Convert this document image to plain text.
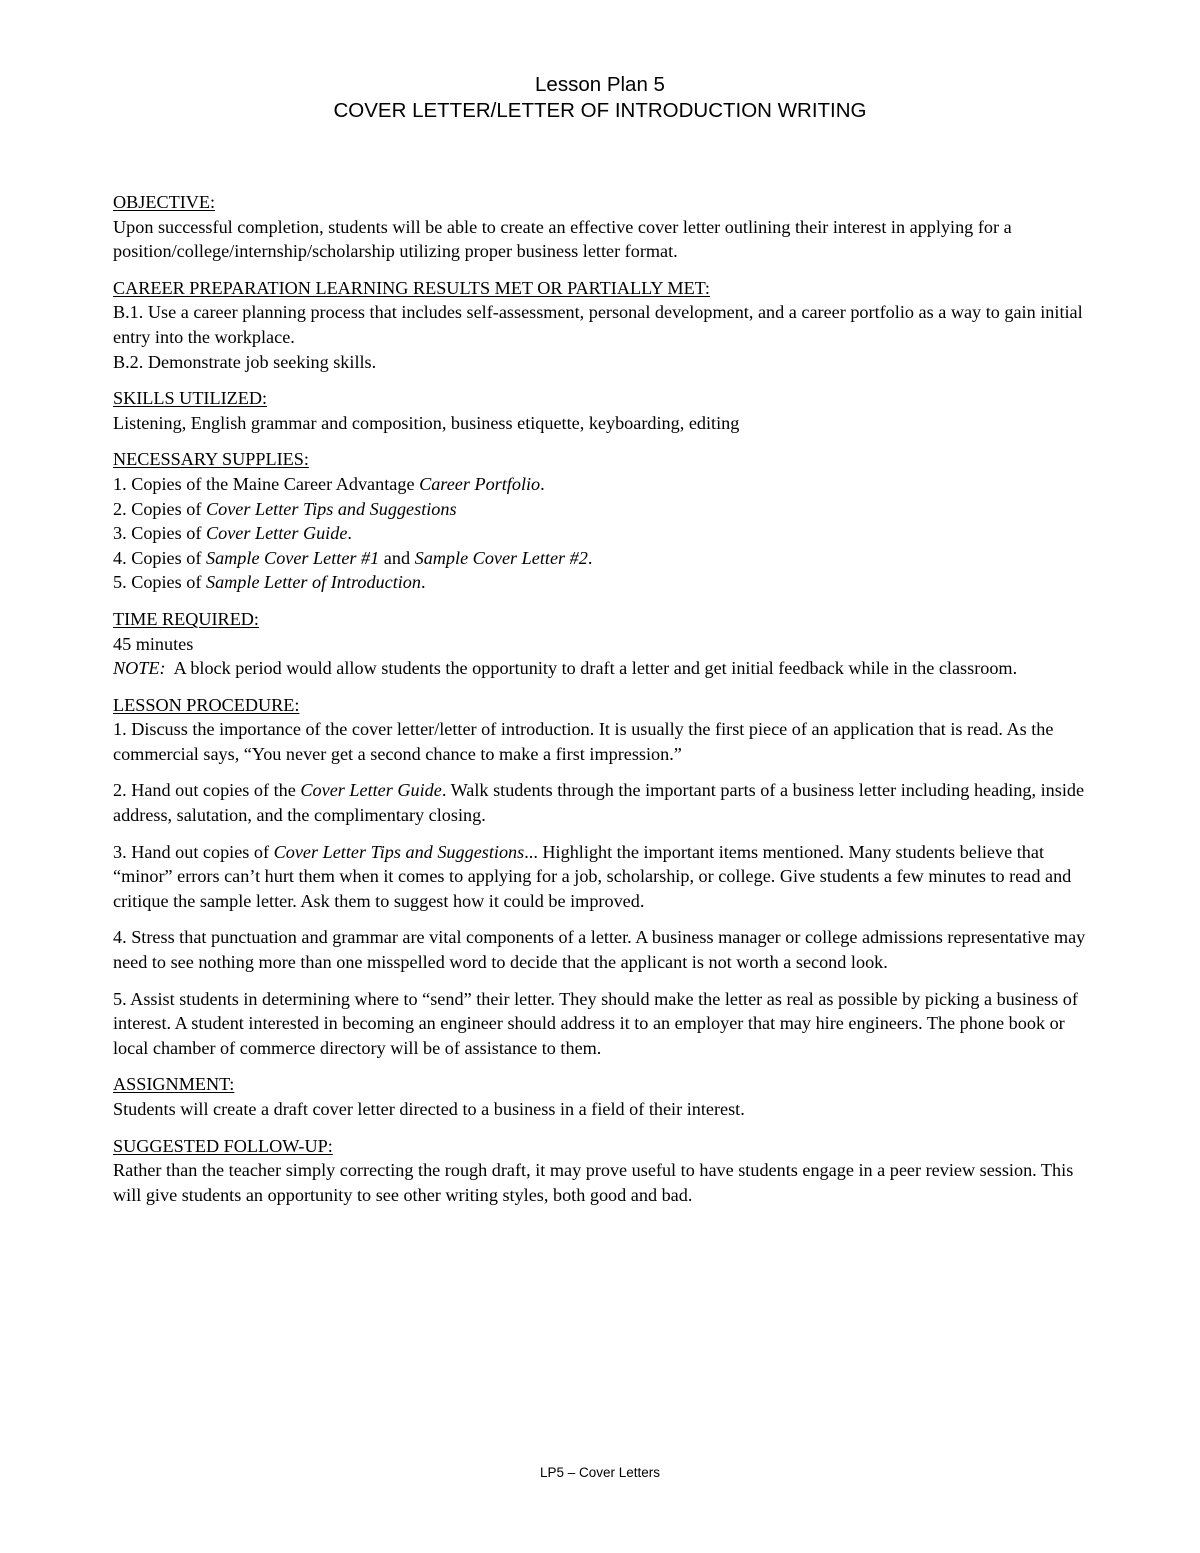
Lesson Plan 5
COVER LETTER/LETTER OF INTRODUCTION WRITING
OBJECTIVE:

Upon successful completion, students will be able to create an effective cover letter outlining their interest in applying for a position/college/internship/scholarship utilizing proper business letter format.

CAREER PREPARATION LEARNING RESULTS MET OR PARTIALLY MET:

B.1. Use a career planning process that includes self-assessment, personal development, and a career portfolio as a way to gain initial entry into the workplace.

B.2. Demonstrate job seeking skills.

SKILLS UTILIZED:

Listening, English grammar and composition, business etiquette, keyboarding, editing

NECESSARY SUPPLIES:
1. Copies of the Maine Career Advantage Career Portfolio.
2. Copies of Cover Letter Tips and Suggestions
3. Copies of Cover Letter Guide.
4. Copies of Sample Cover Letter #1 and Sample Cover Letter #2.
5. Copies of Sample Letter of Introduction.
TIME REQUIRED:

45 minutes

NOTE:  A block period would allow students the opportunity to draft a letter and get initial feedback while in the classroom.

LESSON PROCEDURE:

1. Discuss the importance of the cover letter/letter of introduction. It is usually the first piece of an application that is read. As the commercial says, “You never get a second chance to make a first impression.”

2. Hand out copies of the Cover Letter Guide. Walk students through the important parts of a business letter including heading, inside address, salutation, and the complimentary closing.

3. Hand out copies of Cover Letter Tips and Suggestions... Highlight the important items mentioned. Many students believe that “minor” errors can’t hurt them when it comes to applying for a job, scholarship, or college. Give students a few minutes to read and critique the sample letter. Ask them to suggest how it could be improved.

4. Stress that punctuation and grammar are vital components of a letter. A business manager or college admissions representative may need to see nothing more than one misspelled word to decide that the applicant is not worth a second look.

5. Assist students in determining where to “send” their letter. They should make the letter as real as possible by picking a business of interest. A student interested in becoming an engineer should address it to an employer that may hire engineers. The phone book or local chamber of commerce directory will be of assistance to them.

ASSIGNMENT:

Students will create a draft cover letter directed to a business in a field of their interest.

SUGGESTED FOLLOW-UP:

Rather than the teacher simply correcting the rough draft, it may prove useful to have students engage in a peer review session. This will give students an opportunity to see other writing styles, both good and bad.

LP5 – Cover Letters
